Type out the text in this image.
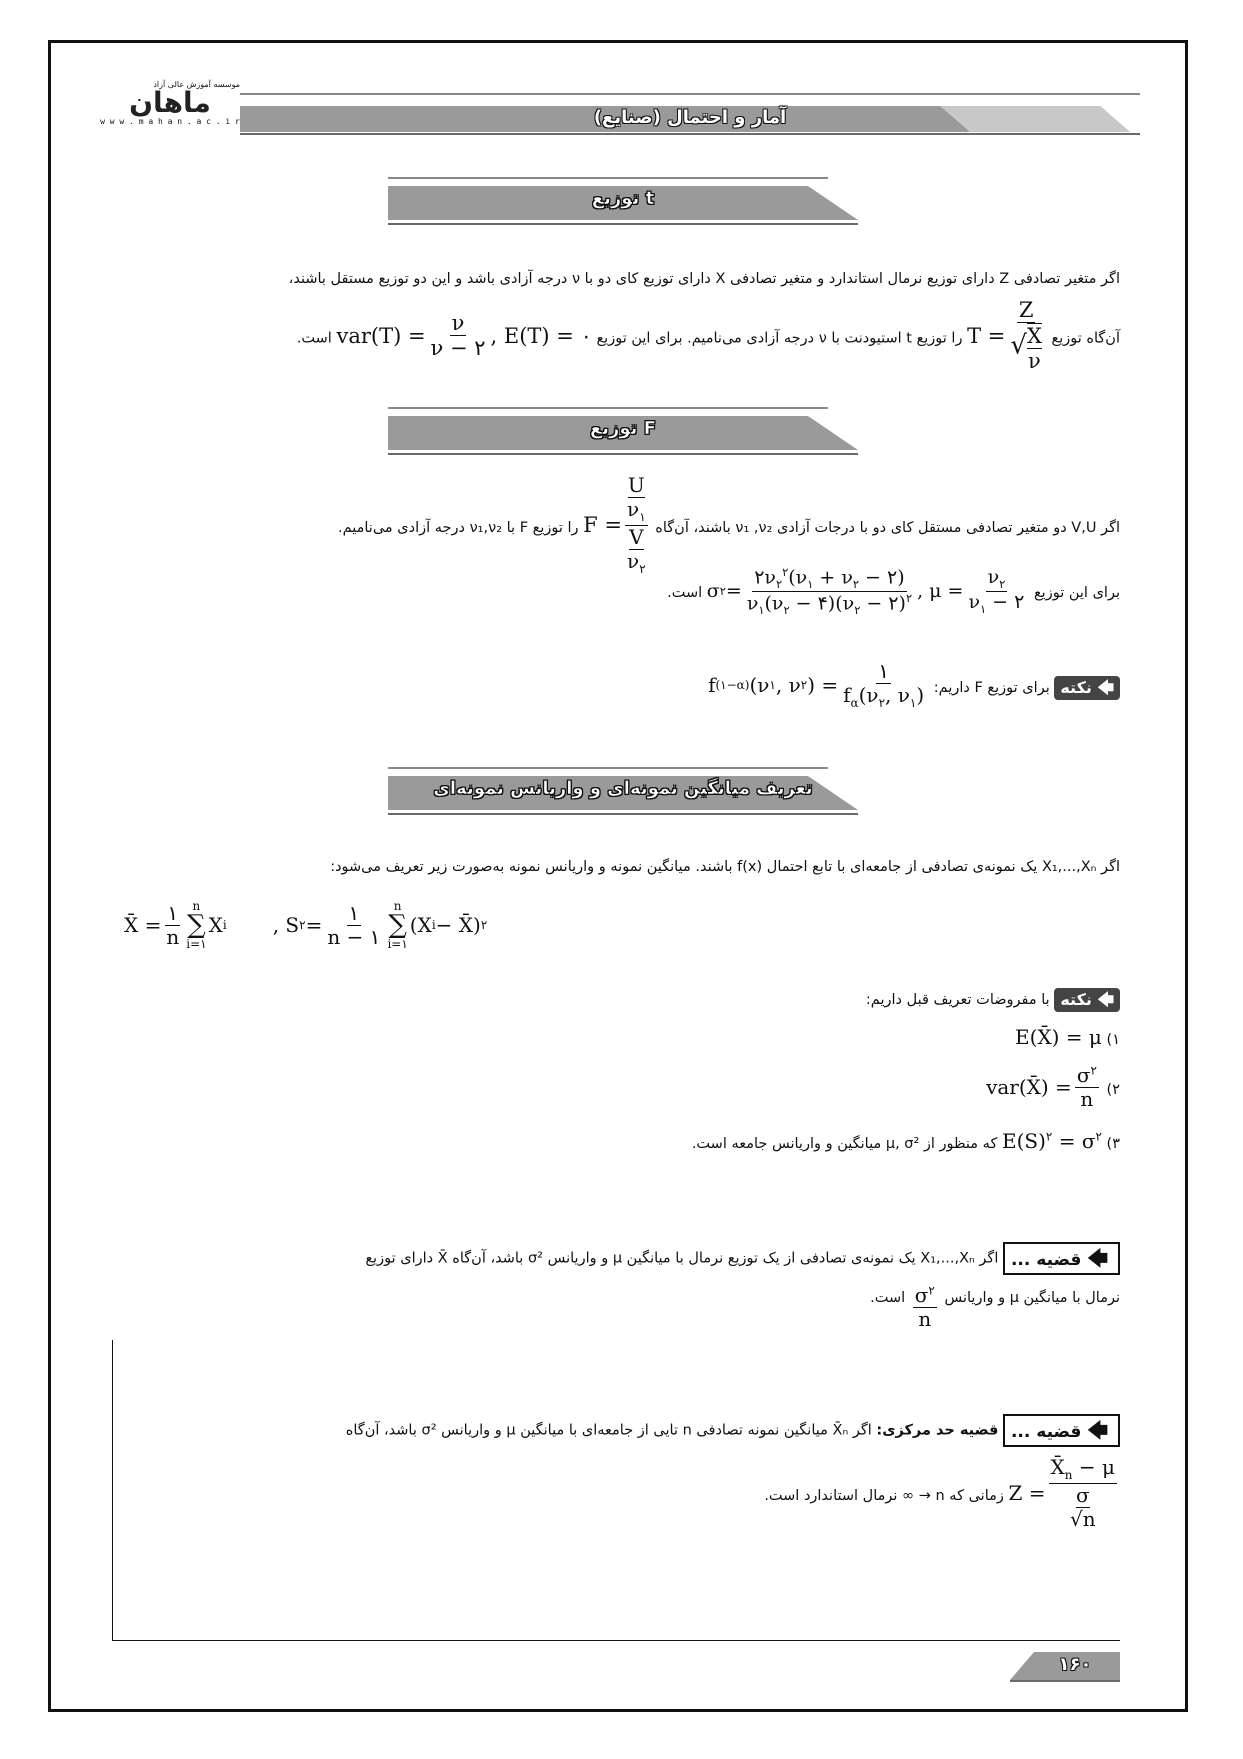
موسسه آموزش عالی آزاد
ماهان
w w w . m a h a n . a c . i r	آمار و احتمال (صنایع)
توزیع t
اگر متغیر تصادفی Z دارای توزیع نرمال استاندارد و متغیر تصادفی X دارای توزیع کای دو با ν درجه آزادی باشد و این دو توزیع مستقل باشند،
آن‌گاه توزیع $T = \frac{Z}{√ \frac{X}{\nu}}$
را توزیع t استیودنت با ν درجه آزادی می‌نامیم. برای این توزیع $var(T) = \frac{\nu}{\nu - ۲}$ , E(T) = ۰ است.
توزیع F
اگر V,U دو متغیر تصادفی مستقل کای دو با درجات آزادی ν₁ ,ν₂ باشند، آن‌گاه F = U
$\nu_۱$
V
$\nu_۲$
را توزیع F با ν₁,ν₂ درجه آزادی می‌نامیم.
برای این توزیع σ ۲ = $\frac{۲\nu_۲^۲(\nu_۱ + \nu_۲ - ۲)}{\nu_۱(\nu_۲ - ۴)(\nu_۲ - ۲)^۲}$ , $\mu = \frac{\nu_۲}{\nu_۱ - ۲}$
است.
🡄 نکته برای توزیع F داریم: f (۱−α) (ν ۱ , ν ۲ ) = $\frac{۱}{f_\alpha(\nu_۲, \nu_۱)}$
تعریف میانگین نمونه‌ای و واریانس نمونه‌ای
اگر X₁,...,Xₙ یک نمونه‌ی تصادفی از جامعه‌ای با تابع احتمال f(x) باشند. میانگین نمونه و واریانس نمونه به‌صورت زیر تعریف می‌شود:
X̄ = $\frac{۱}{n}$ n
∑
i=۱
X i , S ۲ = $\frac{۱}{n - ۱}$ n
∑
i=۱
(X i − X̄) ۲
🡄 نکته با مفروضات تعریف قبل داریم:
۱) E(X̄) = μ
۲) var(X̄) = $\frac{\sigma^۲}{n}$
۳) $E(S)^۲ = \sigma^۲$ که منظور از μ, σ² میانگین و واریانس جامعه است.
🡄 قضیه ... اگر X₁,...,Xₙ یک نمونه‌ی تصادفی از یک توزیع نرمال با میانگین μ و واریانس σ² باشد، آن‌گاه X̄ دارای توزیع
نرمال با میانگین μ و واریانس
$\frac{\sigma^۲}{n}$
است.
🡄 قضیه ... قضیه حد مرکزی: اگر X̄ₙ میانگین نمونه تصادفی n تایی از جامعه‌ای با میانگین μ و واریانس σ² باشد، آن‌گاه
$Z = X̄_n - \mu$
σ
√n
زمانی که n → ∞ نرمال استاندارد است.
۱۶۰
